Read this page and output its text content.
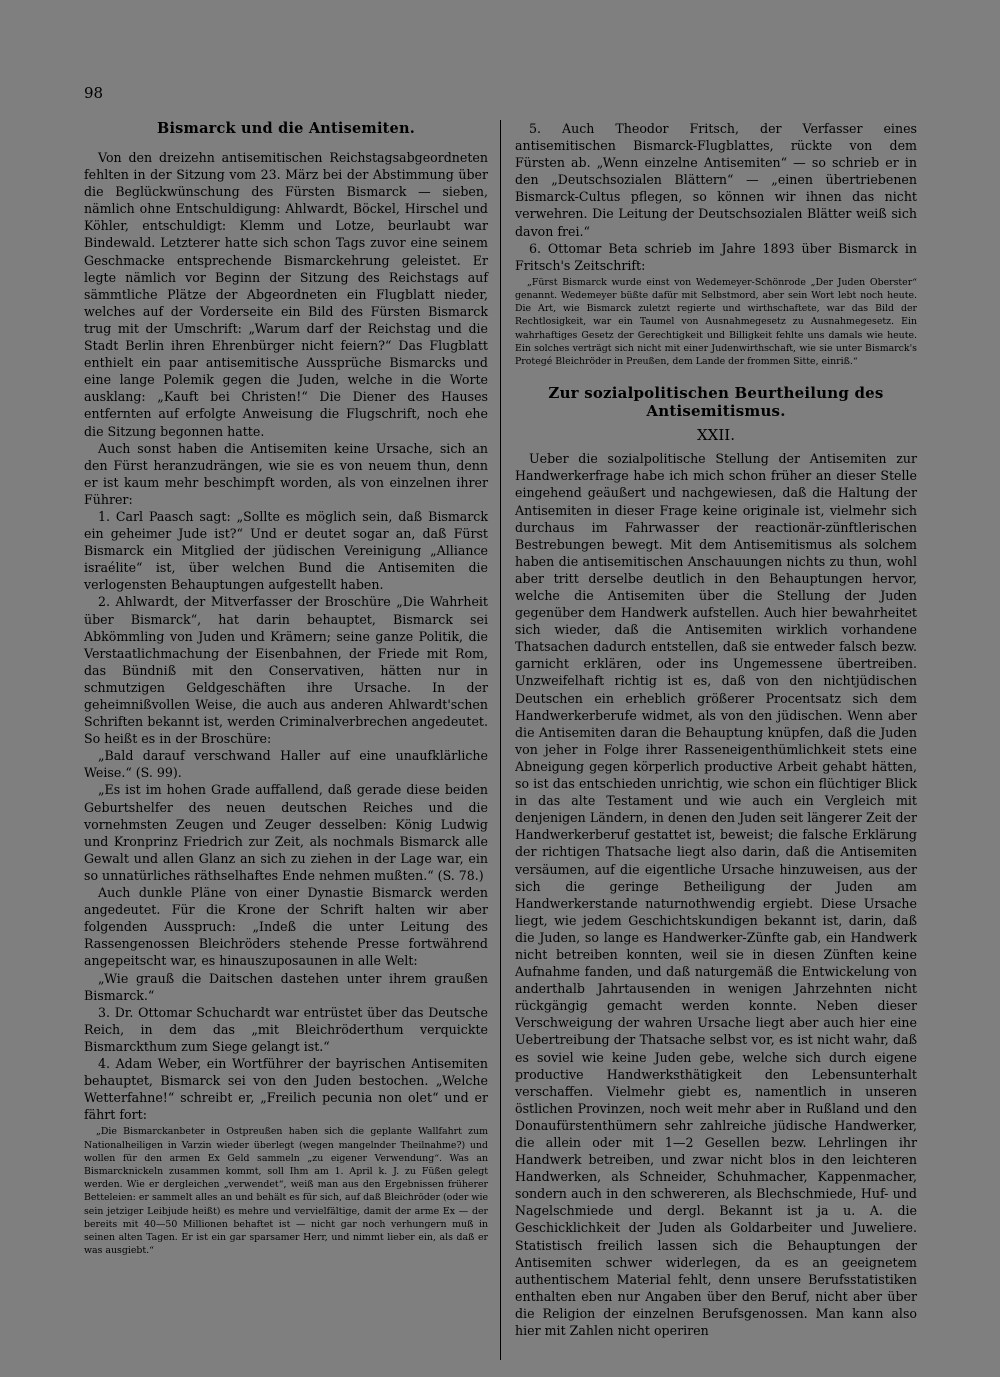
98
Bismarck und die Antisemiten.

Von den dreizehn antisemitischen Reichstagsabgeordneten fehlten in der Sitzung vom 23. März bei der Abstimmung über die Beglückwünschung des Fürsten Bismarck — sieben, nämlich ohne Entschuldigung: Ahlwardt, Böckel, Hirschel und Köhler, entschuldigt: Klemm und Lotze, beurlaubt war Bindewald. Letzterer hatte sich schon Tags zuvor eine seinem Geschmacke entsprechende Bismarckehrung geleistet. Er legte nämlich vor Beginn der Sitzung des Reichstags auf sämmtliche Plätze der Abgeordneten ein Flugblatt nieder, welches auf der Vorderseite ein Bild des Fürsten Bismarck trug mit der Umschrift: „Warum darf der Reichstag und die Stadt Berlin ihren Ehrenbürger nicht feiern?“ Das Flugblatt enthielt ein paar antisemitische Aussprüche Bismarcks und eine lange Polemik gegen die Juden, welche in die Worte ausklang: „Kauft bei Christen!“ Die Diener des Hauses entfernten auf erfolgte Anweisung die Flugschrift, noch ehe die Sitzung begonnen hatte.

Auch sonst haben die Antisemiten keine Ursache, sich an den Fürst heranzudrängen, wie sie es von neuem thun, denn er ist kaum mehr beschimpft worden, als von einzelnen ihrer Führer:

1. Carl Paasch sagt: „Sollte es möglich sein, daß Bismarck ein geheimer Jude ist?“ Und er deutet sogar an, daß Fürst Bismarck ein Mitglied der jüdischen Vereinigung „Alliance israélite“ ist, über welchen Bund die Antisemiten die verlogensten Behauptungen aufgestellt haben.

2. Ahlwardt, der Mitverfasser der Broschüre „Die Wahrheit über Bismarck“, hat darin behauptet, Bismarck sei Abkömmling von Juden und Krämern; seine ganze Politik, die Verstaatlichmachung der Eisenbahnen, der Friede mit Rom, das Bündniß mit den Conservativen, hätten nur in schmutzigen Geldgeschäften ihre Ursache. In der geheimnißvollen Weise, die auch aus anderen Ahlwardt'schen Schriften bekannt ist, werden Criminalverbrechen angedeutet. So heißt es in der Broschüre:

„Bald darauf verschwand Haller auf eine unaufklärliche Weise.“ (S. 99).

„Es ist im hohen Grade auffallend, daß gerade diese beiden Geburtshelfer des neuen deutschen Reiches und die vornehmsten Zeugen und Zeuger desselben: König Ludwig und Kronprinz Friedrich zur Zeit, als nochmals Bismarck alle Gewalt und allen Glanz an sich zu ziehen in der Lage war, ein so unnatürliches räthselhaftes Ende nehmen mußten.“ (S. 78.)

Auch dunkle Pläne von einer Dynastie Bismarck werden angedeutet. Für die Krone der Schrift halten wir aber folgenden Ausspruch: „Indeß die unter Leitung des Rassengenossen Bleichröders stehende Presse fortwährend angepeitscht war, es hinauszuposaunen in alle Welt:

„Wie grauß die Daitschen dastehen unter ihrem graußen Bismarck.“

3. Dr. Ottomar Schuchardt war entrüstet über das Deutsche Reich, in dem das „mit Bleichröderthum verquickte Bismarckthum zum Siege gelangt ist.“

4. Adam Weber, ein Wortführer der bayrischen Antisemiten behauptet, Bismarck sei von den Juden bestochen. „Welche Wetterfahne!“ schreibt er, „Freilich pecunia non olet“ und er fährt fort:

„Die Bismarckanbeter in Ostpreußen haben sich die geplante Wallfahrt zum Nationalheiligen in Varzin wieder überlegt (wegen mangelnder Theilnahme?) und wollen für den armen Ex Geld sammeln „zu eigener Verwendung“. Was an Bismarcknickeln zusammen kommt, soll Ihm am 1. April k. J. zu Füßen gelegt werden. Wie er dergleichen „verwendet“, weiß man aus den Ergebnissen früherer Betteleien: er sammelt alles an und behält es für sich, auf daß Bleichröder (oder wie sein jetziger Leibjude heißt) es mehre und vervielfältige, damit der arme Ex — der bereits mit 40—50 Millionen behaftet ist — nicht gar noch verhungern muß in seinen alten Tagen. Er ist ein gar sparsamer Herr, und nimmt lieber ein, als daß er was ausgiebt.“

5. Auch Theodor Fritsch, der Verfasser eines antisemitischen Bismarck-Flugblattes, rückte von dem Fürsten ab. „Wenn einzelne Antisemiten“ — so schrieb er in den „Deutschsozialen Blättern“ — „einen übertriebenen Bismarck-Cultus pflegen, so können wir ihnen das nicht verwehren. Die Leitung der Deutschsozialen Blätter weiß sich davon frei.“

6. Ottomar Beta schrieb im Jahre 1893 über Bismarck in Fritsch's Zeitschrift:

„Fürst Bismarck wurde einst von Wedemeyer-Schönrode „Der Juden Oberster“ genannt. Wedemeyer büßte dafür mit Selbstmord, aber sein Wort lebt noch heute. Die Art, wie Bismarck zuletzt regierte und wirthschaftete, war das Bild der Rechtlosigkeit, war ein Taumel von Ausnahmegesetz zu Ausnahmegesetz. Ein wahrhaftiges Gesetz der Gerechtigkeit und Billigkeit fehlte uns damals wie heute. Ein solches verträgt sich nicht mit einer Judenwirthschaft, wie sie unter Bismarck's Protegé Bleichröder in Preußen, dem Lande der frommen Sitte, einriß.“
Zur sozialpolitischen Beurtheilung des Antisemitismus.
XXII.

Ueber die sozialpolitische Stellung der Antisemiten zur Handwerkerfrage habe ich mich schon früher an dieser Stelle eingehend geäußert und nachgewiesen, daß die Haltung der Antisemiten in dieser Frage keine originale ist, vielmehr sich durchaus im Fahrwasser der reactionär-zünftlerischen Bestrebungen bewegt. Mit dem Antisemitismus als solchem haben die antisemitischen Anschauungen nichts zu thun, wohl aber tritt derselbe deutlich in den Behauptungen hervor, welche die Antisemiten über die Stellung der Juden gegenüber dem Handwerk aufstellen. Auch hier bewahrheitet sich wieder, daß die Antisemiten wirklich vorhandene Thatsachen dadurch entstellen, daß sie entweder falsch bezw. garnicht erklären, oder ins Ungemessene übertreiben. Unzweifelhaft richtig ist es, daß von den nichtjüdischen Deutschen ein erheblich größerer Procentsatz sich dem Handwerkerberufe widmet, als von den jüdischen. Wenn aber die Antisemiten daran die Behauptung knüpfen, daß die Juden von jeher in Folge ihrer Rasseneigenthümlichkeit stets eine Abneigung gegen körperlich productive Arbeit gehabt hätten, so ist das entschieden unrichtig, wie schon ein flüchtiger Blick in das alte Testament und wie auch ein Vergleich mit denjenigen Ländern, in denen den Juden seit längerer Zeit der Handwerkerberuf gestattet ist, beweist; die falsche Erklärung der richtigen Thatsache liegt also darin, daß die Antisemiten versäumen, auf die eigentliche Ursache hinzuweisen, aus der sich die geringe Betheiligung der Juden am Handwerkerstande naturnothwendig ergiebt. Diese Ursache liegt, wie jedem Geschichtskundigen bekannt ist, darin, daß die Juden, so lange es Handwerker-Zünfte gab, ein Handwerk nicht betreiben konnten, weil sie in diesen Zünften keine Aufnahme fanden, und daß naturgemäß die Entwickelung von anderthalb Jahrtausenden in wenigen Jahrzehnten nicht rückgängig gemacht werden konnte. Neben dieser Verschweigung der wahren Ursache liegt aber auch hier eine Uebertreibung der Thatsache selbst vor, es ist nicht wahr, daß es soviel wie keine Juden gebe, welche sich durch eigene productive Handwerksthätigkeit den Lebensunterhalt verschaffen. Vielmehr giebt es, namentlich in unseren östlichen Provinzen, noch weit mehr aber in Rußland und den Donaufürstenthümern sehr zahlreiche jüdische Handwerker, die allein oder mit 1—2 Gesellen bezw. Lehrlingen ihr Handwerk betreiben, und zwar nicht blos in den leichteren Handwerken, als Schneider, Schuhmacher, Kappenmacher, sondern auch in den schwereren, als Blechschmiede, Huf- und Nagelschmiede und dergl. Bekannt ist ja u. A. die Geschicklichkeit der Juden als Goldarbeiter und Juweliere. Statistisch freilich lassen sich die Behauptungen der Antisemiten schwer widerlegen, da es an geeignetem authentischem Material fehlt, denn unsere Berufsstatistiken enthalten eben nur Angaben über den Beruf, nicht aber über die Religion der einzelnen Berufsgenossen. Man kann also hier mit Zahlen nicht operiren
